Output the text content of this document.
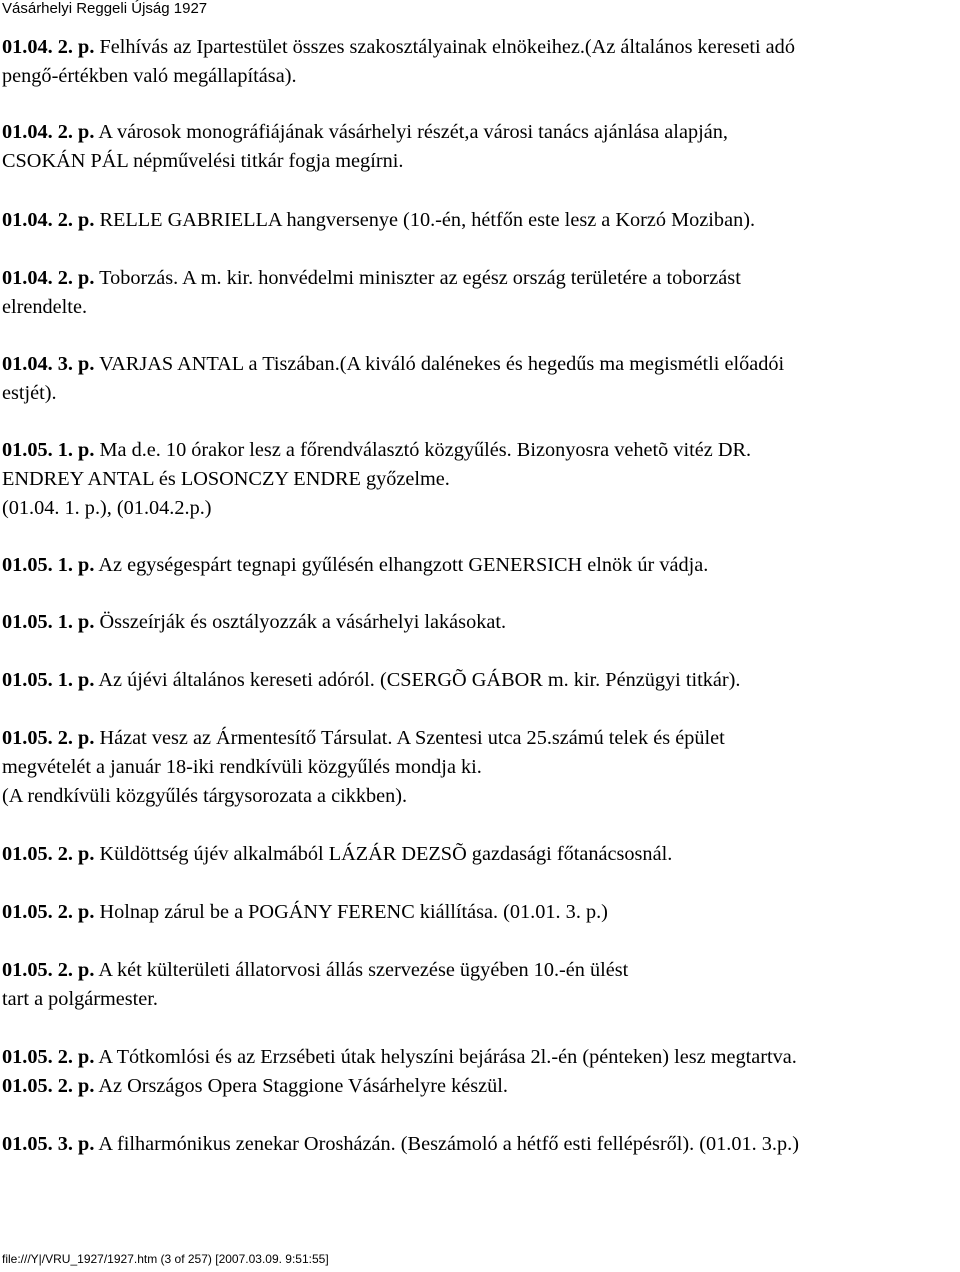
Vásárhelyi Reggeli Újság 1927
01.04. 2. p. Felhívás az Ipartestület összes szakosztályainak elnökeihez.(Az általános kereseti adó
pengő-értékben való megállapítása).
01.04. 2. p. A városok monográfiájának vásárhelyi részét,a városi tanács ajánlása alapján,
CSOKÁN PÁL népművelési titkár fogja megírni.
01.04. 2. p. RELLE GABRIELLA hangversenye (10.-én, hétfőn este lesz a Korzó Moziban).
01.04. 2. p. Toborzás. A m. kir. honvédelmi miniszter az egész ország területére a toborzást
elrendelte.
01.04. 3. p. VARJAS ANTAL a Tiszában.(A kiváló dalénekes és hegedűs ma megismétli előadói
estjét).
01.05. 1. p. Ma d.e. 10 órakor lesz a főrendválasztó közgyűlés. Bizonyosra vehetõ vitéz DR.
ENDREY ANTAL és LOSONCZY ENDRE győzelme.
(01.04. 1. p.), (01.04.2.p.)
01.05. 1. p. Az egységespárt tegnapi gyűlésén elhangzott GENERSICH elnök úr vádja.
01.05. 1. p. Összeírják és osztályozzák a vásárhelyi lakásokat.
01.05. 1. p. Az újévi általános kereseti adóról. (CSERGÕ GÁBOR m. kir. Pénzügyi titkár).
01.05. 2. p. Házat vesz az Ármentesítő Társulat. A Szentesi utca 25.számú telek és épület
megvételét a január 18-iki rendkívüli közgyűlés mondja ki.
(A rendkívüli közgyűlés tárgysorozata a cikkben).
01.05. 2. p. Küldöttség újév alkalmából LÁZÁR DEZSÕ gazdasági főtanácsosnál.
01.05. 2. p. Holnap zárul be a POGÁNY FERENC kiállítása. (01.01. 3. p.)
01.05. 2. p. A két külterületi állatorvosi állás szervezése ügyében 10.-én ülést
tart a polgármester.
01.05. 2. p. A Tótkomlósi és az Erzsébeti útak helyszíni bejárása 2l.-én (pénteken) lesz megtartva.
01.05. 2. p. Az Országos Opera Staggione Vásárhelyre készül.
01.05. 3. p. A filharmónikus zenekar Orosházán. (Beszámoló a hétfő esti fellépésről). (01.01. 3.p.)
file:///Y|/VRU_1927/1927.htm (3 of 257) [2007.03.09. 9:51:55]
